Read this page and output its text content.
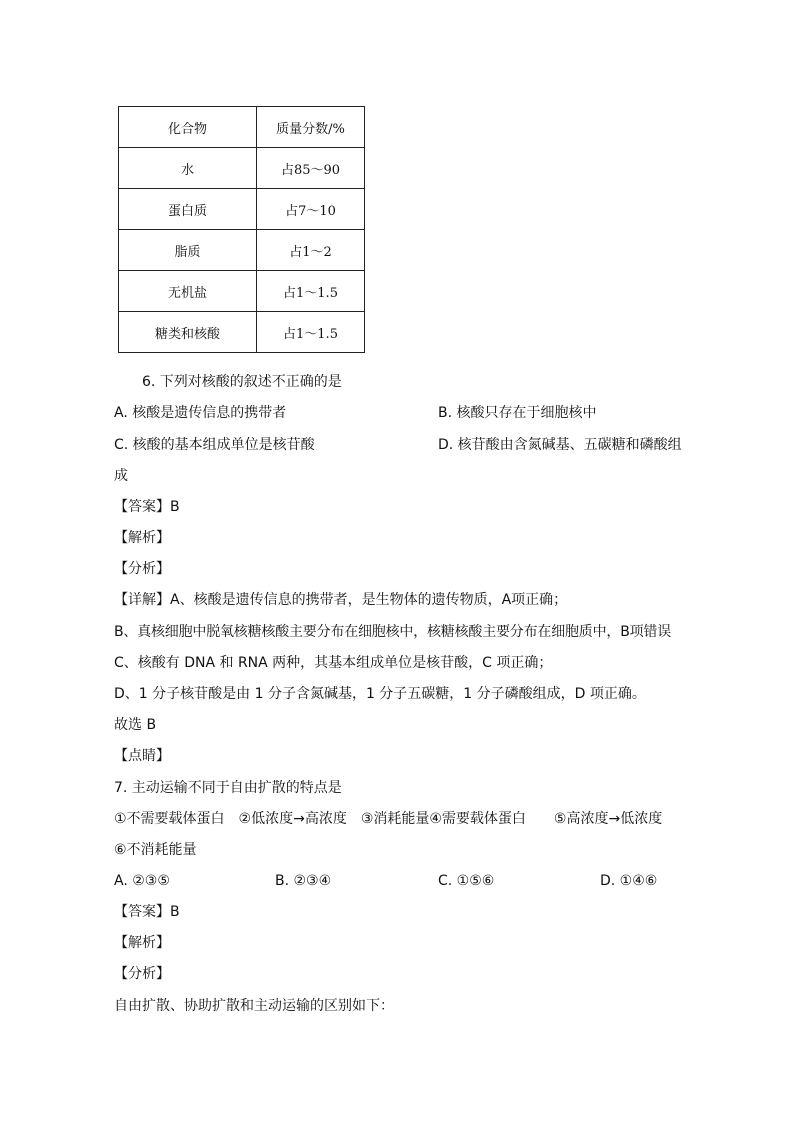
化合物	质量分数/%
水	占85～90
蛋白质	占7～10
脂质	占1～2
无机盐	占1～1.5
糖类和核酸	占1～1.5
6. 下列对核酸的叙述不正确的是
A. 核酸是遗传信息的携带者	B. 核酸只存在于细胞核中
C. 核酸的基本组成单位是核苷酸	D. 核苷酸由含氮碱基、五碳糖和磷酸组
成
【答案】B
【解析】
【分析】
【详解】A、核酸是遗传信息的携带者，是生物体的遗传物质，A项正确；
B、真核细胞中脱氧核糖核酸主要分布在细胞核中，核糖核酸主要分布在细胞质中，B项错误
C、核酸有 DNA 和 RNA 两种，其基本组成单位是核苷酸，C 项正确；
D、1 分子核苷酸是由 1 分子含氮碱基，1 分子五碳糖，1 分子磷酸组成，D 项正确。
故选 B
【点睛】
7. 主动运输不同于自由扩散的特点是
①不需要载体蛋白　②低浓度→高浓度　③消耗能量④需要载体蛋白　　⑤高浓度→低浓度
⑥不消耗能量
A. ②③⑤	B. ②③④	C. ①⑤⑥	D. ①④⑥
【答案】B
【解析】
【分析】
自由扩散、协助扩散和主动运输的区别如下：
